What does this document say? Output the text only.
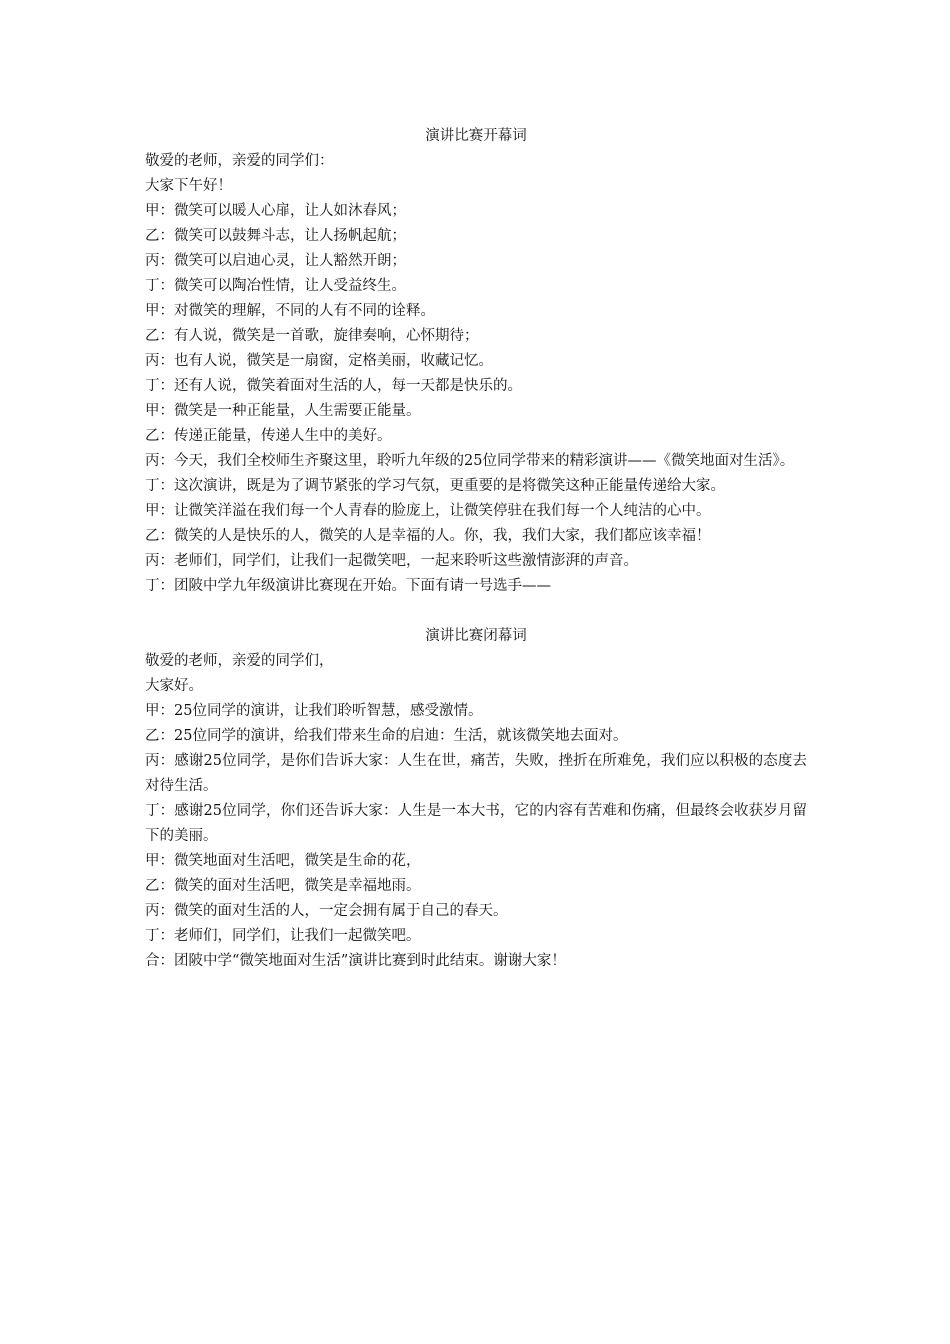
演讲比赛开幕词
敬爱的老师，亲爱的同学们：
大家下午好！
甲：微笑可以暖人心扉，让人如沐春风；
乙：微笑可以鼓舞斗志，让人扬帆起航；
丙：微笑可以启迪心灵，让人豁然开朗；
丁：微笑可以陶冶性情，让人受益终生。
甲：对微笑的理解，不同的人有不同的诠释。
乙：有人说，微笑是一首歌，旋律奏响，心怀期待；
丙：也有人说，微笑是一扇窗，定格美丽，收藏记忆。
丁：还有人说，微笑着面对生活的人，每一天都是快乐的。
甲：微笑是一种正能量，人生需要正能量。
乙：传递正能量，传递人生中的美好。
丙：今天，我们全校师生齐聚这里，聆听九年级的25位同学带来的精彩演讲——《微笑地面对生活》。
丁：这次演讲，既是为了调节紧张的学习气氛，更重要的是将微笑这种正能量传递给大家。
甲：让微笑洋溢在我们每一个人青春的脸庞上，让微笑停驻在我们每一个人纯洁的心中。
乙：微笑的人是快乐的人，微笑的人是幸福的人。你，我，我们大家，我们都应该幸福！
丙：老师们，同学们，让我们一起微笑吧，一起来聆听这些激情澎湃的声音。
丁：团陂中学九年级演讲比赛现在开始。下面有请一号选手——
演讲比赛闭幕词
敬爱的老师，亲爱的同学们，
大家好。
甲：25位同学的演讲，让我们聆听智慧，感受激情。
乙：25位同学的演讲，给我们带来生命的启迪：生活，就该微笑地去面对。
丙：感谢25位同学，是你们告诉大家：人生在世，痛苦，失败，挫折在所难免，我们应以积极的态度去对待生活。
丁：感谢25位同学，你们还告诉大家：人生是一本大书，它的内容有苦难和伤痛，但最终会收获岁月留下的美丽。
甲：微笑地面对生活吧，微笑是生命的花，
乙：微笑的面对生活吧，微笑是幸福地雨。
丙：微笑的面对生活的人，一定会拥有属于自己的春天。
丁：老师们，同学们，让我们一起微笑吧。
合：团陂中学“微笑地面对生活”演讲比赛到时此结束。谢谢大家！
